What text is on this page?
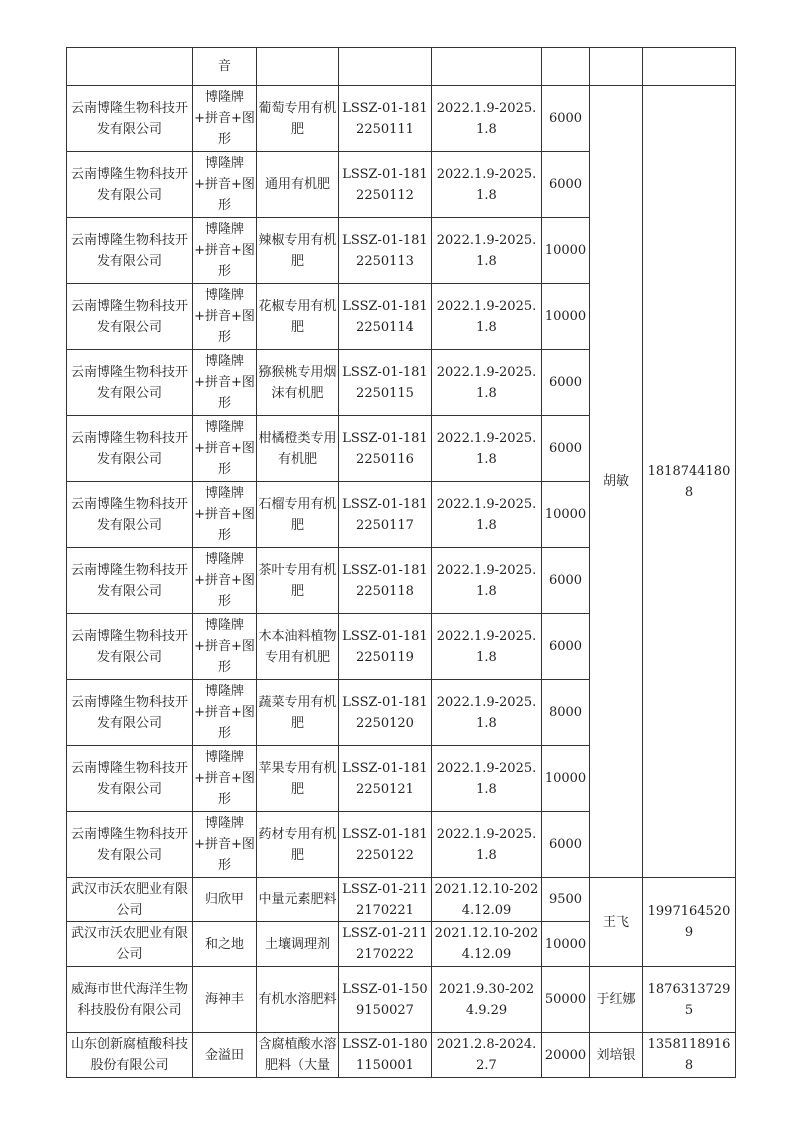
	音						
云南博隆生物科技开发有限公司	博隆牌+拼音+图形	葡萄专用有机肥	LSSZ-01-1812250111	2022.1.9-2025.1.8	6000	胡敏	18187441808
云南博隆生物科技开发有限公司	博隆牌+拼音+图形	通用有机肥	LSSZ-01-1812250112	2022.1.9-2025.1.8	6000		
云南博隆生物科技开发有限公司	博隆牌+拼音+图形	辣椒专用有机肥	LSSZ-01-1812250113	2022.1.9-2025.1.8	10000		
云南博隆生物科技开发有限公司	博隆牌+拼音+图形	花椒专用有机肥	LSSZ-01-1812250114	2022.1.9-2025.1.8	10000		
云南博隆生物科技开发有限公司	博隆牌+拼音+图形	猕猴桃专用烟沫有机肥	LSSZ-01-1812250115	2022.1.9-2025.1.8	6000		
云南博隆生物科技开发有限公司	博隆牌+拼音+图形	柑橘橙类专用有机肥	LSSZ-01-1812250116	2022.1.9-2025.1.8	6000		
云南博隆生物科技开发有限公司	博隆牌+拼音+图形	石榴专用有机肥	LSSZ-01-1812250117	2022.1.9-2025.1.8	10000		
云南博隆生物科技开发有限公司	博隆牌+拼音+图形	茶叶专用有机肥	LSSZ-01-1812250118	2022.1.9-2025.1.8	6000		
云南博隆生物科技开发有限公司	博隆牌+拼音+图形	木本油料植物专用有机肥	LSSZ-01-1812250119	2022.1.9-2025.1.8	6000		
云南博隆生物科技开发有限公司	博隆牌+拼音+图形	蔬菜专用有机肥	LSSZ-01-1812250120	2022.1.9-2025.1.8	8000		
云南博隆生物科技开发有限公司	博隆牌+拼音+图形	苹果专用有机肥	LSSZ-01-1812250121	2022.1.9-2025.1.8	10000		
云南博隆生物科技开发有限公司	博隆牌+拼音+图形	药材专用有机肥	LSSZ-01-1812250122	2022.1.9-2025.1.8	6000		
武汉市沃农肥业有限公司	归欣甲	中量元素肥料	LSSZ-01-2112170221	2021.12.10-2024.12.09	9500	王飞	19971645209
武汉市沃农肥业有限公司	和之地	土壤调理剂	LSSZ-01-2112170222	2021.12.10-2024.12.09	10000		
威海市世代海洋生物科技股份有限公司	海神丰	有机水溶肥料	LSSZ-01-1509150027	2021.9.30-2024.9.29	50000	于红娜	18763137295
山东创新腐植酸科技股份有限公司	金溢田	含腐植酸水溶肥料（大量	LSSZ-01-1801150001	2021.2.8-2024.2.7	20000	刘培银	13581189168
